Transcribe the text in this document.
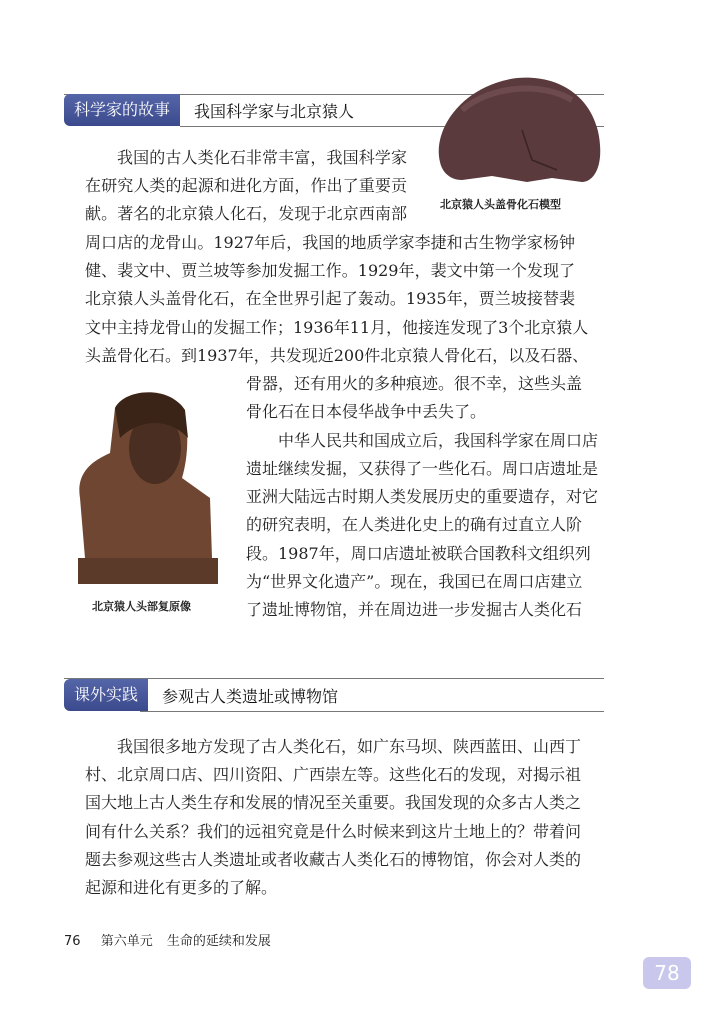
科学家的故事	我国科学家与北京猿人
北京猿人头盖骨化石模型
北京猿人头部复原像
我国的古人类化石非常丰富，我国科学家
在研究人类的起源和进化方面，作出了重要贡
献。著名的北京猿人化石，发现于北京西南部
周口店的龙骨山。1927年后，我国的地质学家李捷和古生物学家杨钟
健、裴文中、贾兰坡等参加发掘工作。1929年，裴文中第一个发现了
北京猿人头盖骨化石，在全世界引起了轰动。1935年，贾兰坡接替裴
文中主持龙骨山的发掘工作；1936年11月，他接连发现了3个北京猿人
头盖骨化石。到1937年，共发现近200件北京猿人骨化石，以及石器、
骨器，还有用火的多种痕迹。很不幸，这些头盖
骨化石在日本侵华战争中丢失了。
中华人民共和国成立后，我国科学家在周口店
遗址继续发掘，又获得了一些化石。周口店遗址是
亚洲大陆远古时期人类发展历史的重要遗存，对它
的研究表明，在人类进化史上的确有过直立人阶
段。1987年，周口店遗址被联合国教科文组织列
为“世界文化遗产”。现在，我国已在周口店建立
了遗址博物馆，并在周边进一步发掘古人类化石
课外实践	参观古人类遗址或博物馆
我国很多地方发现了古人类化石，如广东马坝、陕西蓝田、山西丁
村、北京周口店、四川资阳、广西崇左等。这些化石的发现，对揭示祖
国大地上古人类生存和发展的情况至关重要。我国发现的众多古人类之
间有什么关系？我们的远祖究竟是什么时候来到这片土地上的？带着问
题去参观这些古人类遗址或者收藏古人类化石的博物馆，你会对人类的
起源和进化有更多的了解。
76 第六单元 生命的延续和发展
78
